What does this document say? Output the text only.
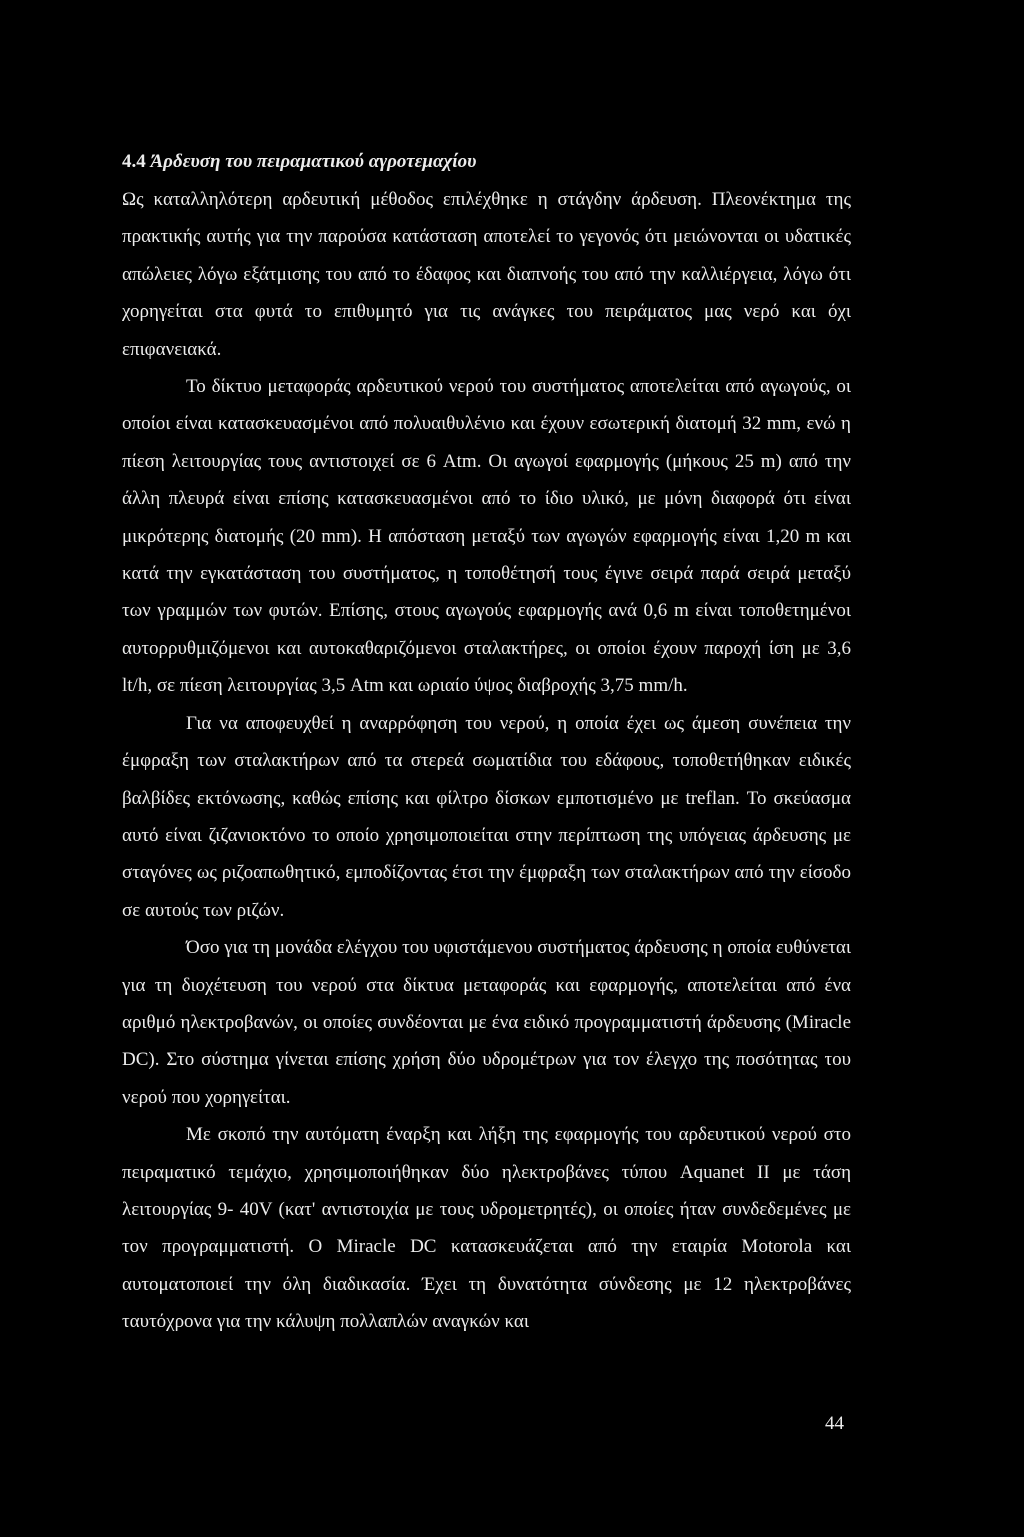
4.4 Άρδευση του πειραματικού αγροτεμαχίου

Ως καταλληλότερη αρδευτική μέθοδος επιλέχθηκε η στάγδην άρδευση. Πλεονέκτημα της πρακτικής αυτής για την παρούσα κατάσταση αποτελεί το γεγονός ότι μειώνονται οι υδατικές απώλειες λόγω εξάτμισης του από το έδαφος και διαπνοής του από την καλλιέργεια, λόγω ότι χορηγείται στα φυτά το επιθυμητό για τις ανάγκες του πειράματος μας νερό και όχι επιφανειακά.

Το δίκτυο μεταφοράς αρδευτικού νερού του συστήματος αποτελείται από αγωγούς, οι οποίοι είναι κατασκευασμένοι από πολυαιθυλένιο και έχουν εσωτερική διατομή 32 mm, ενώ η πίεση λειτουργίας τους αντιστοιχεί σε 6 Atm. Οι αγωγοί εφαρμογής (μήκους 25 m) από την άλλη πλευρά είναι επίσης κατασκευασμένοι από το ίδιο υλικό, με μόνη διαφορά ότι είναι μικρότερης διατομής (20 mm). Η απόσταση μεταξύ των αγωγών εφαρμογής είναι 1,20 m και κατά την εγκατάσταση του συστήματος, η τοποθέτησή τους έγινε σειρά παρά σειρά μεταξύ των γραμμών των φυτών. Επίσης, στους αγωγούς εφαρμογής ανά 0,6 m είναι τοποθετημένοι αυτορρυθμιζόμενοι και αυτοκαθαριζόμενοι σταλακτήρες, οι οποίοι έχουν παροχή ίση με 3,6 lt/h, σε πίεση λειτουργίας 3,5 Atm και ωριαίο ύψος διαβροχής 3,75 mm/h.

Για να αποφευχθεί η αναρρόφηση του νερού, η οποία έχει ως άμεση συνέπεια την έμφραξη των σταλακτήρων από τα στερεά σωματίδια του εδάφους, τοποθετήθηκαν ειδικές βαλβίδες εκτόνωσης, καθώς επίσης και φίλτρο δίσκων εμποτισμένο με treflan. Το σκεύασμα αυτό είναι ζιζανιοκτόνο το οποίο χρησιμοποιείται στην περίπτωση της υπόγειας άρδευσης με σταγόνες ως ριζοαπωθητικό, εμποδίζοντας έτσι την έμφραξη των σταλακτήρων από την είσοδο σε αυτούς των ριζών.

Όσο για τη μονάδα ελέγχου του υφιστάμενου συστήματος άρδευσης η οποία ευθύνεται για τη διοχέτευση του νερού στα δίκτυα μεταφοράς και εφαρμογής, αποτελείται από ένα αριθμό ηλεκτροβανών, οι οποίες συνδέονται με ένα ειδικό προγραμματιστή άρδευσης (Miracle DC). Στο σύστημα γίνεται επίσης χρήση δύο υδρομέτρων για τον έλεγχο της ποσότητας του νερού που χορηγείται.

Με σκοπό την αυτόματη έναρξη και λήξη της εφαρμογής του αρδευτικού νερού στο πειραματικό τεμάχιο, χρησιμοποιήθηκαν δύο ηλεκτροβάνες τύπου Aquanet II με τάση λειτουργίας 9- 40V (κατ' αντιστοιχία με τους υδρομετρητές), οι οποίες ήταν συνδεδεμένες με τον προγραμματιστή. Ο Miracle DC κατασκευάζεται από την εταιρία Motorola και αυτοματοποιεί την όλη διαδικασία. Έχει τη δυνατότητα σύνδεσης με 12 ηλεκτροβάνες ταυτόχρονα για την κάλυψη πολλαπλών αναγκών και

44
